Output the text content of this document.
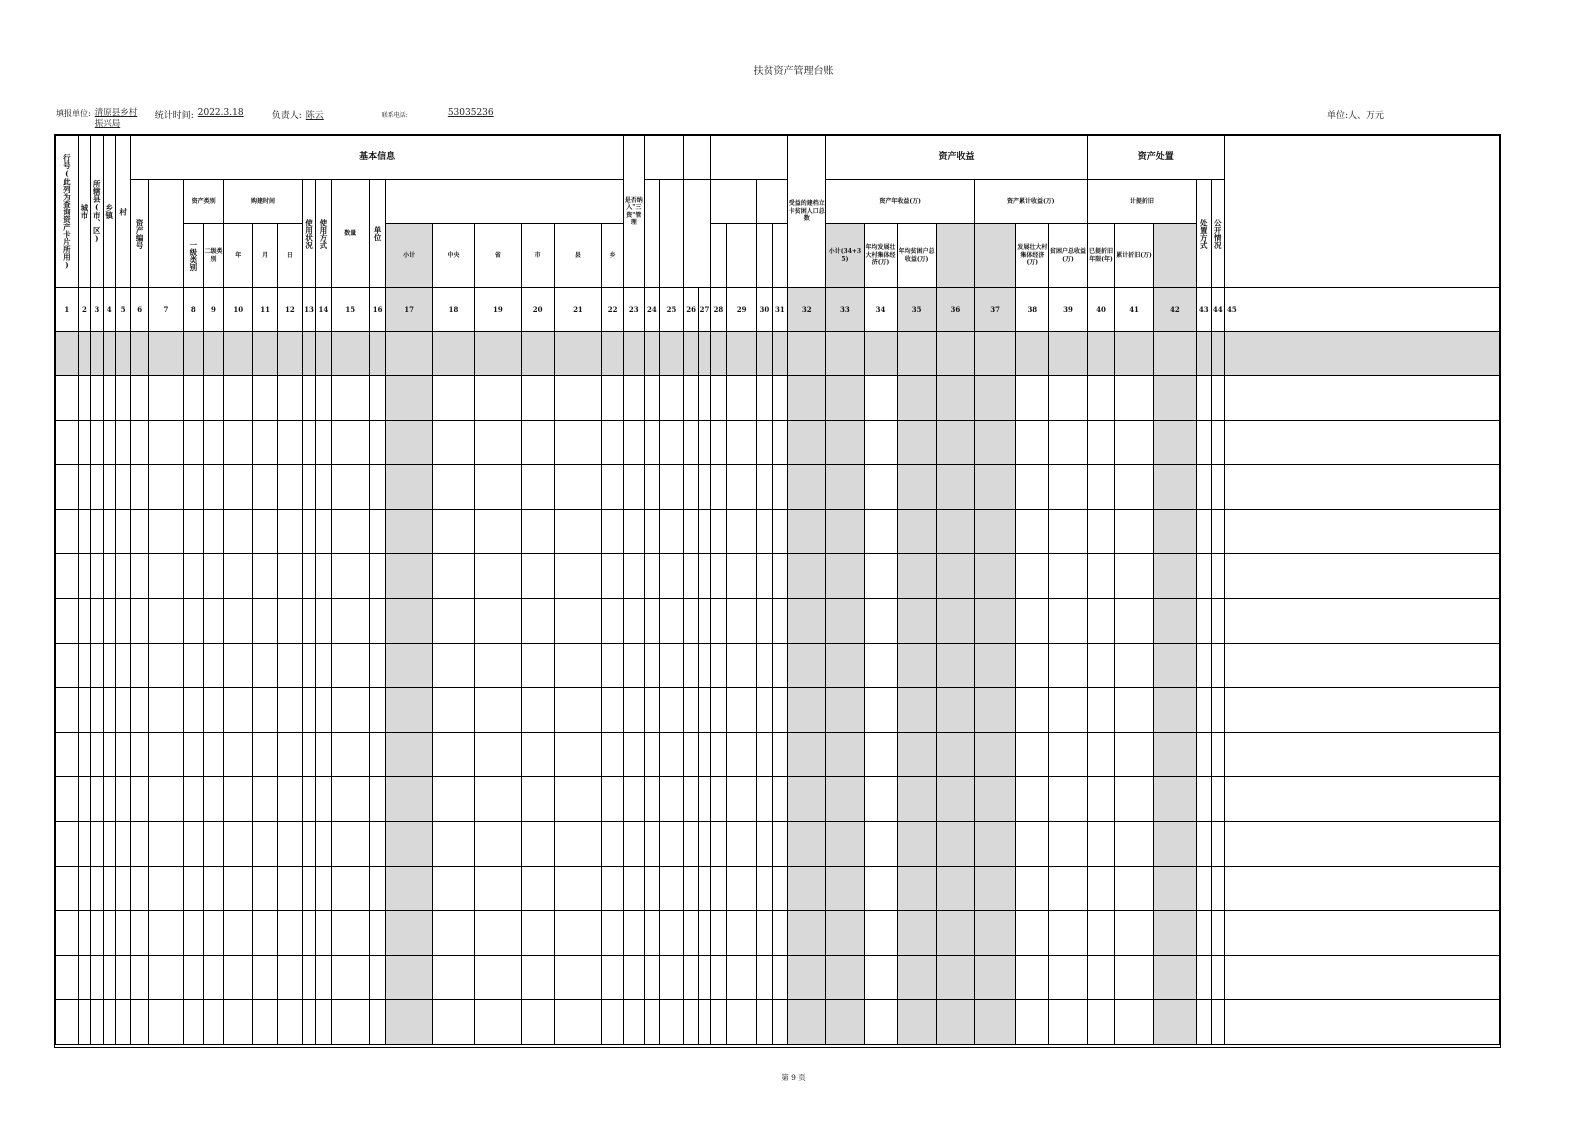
扶贫资产管理台账
填报单位: 清原县乡村振兴局
统计时间: 2022.3.18	负责人: 陈云	联系电话:	53035236	单位:人、万元
行号(此列为查询资产卡片所用)	城市	所辖县(市、区)	乡镇	村	基本信息																	是否纳入"三资"管理									受益的建档立卡贫困人口总数	资产收益							资产处置					

					资产编号		资产类别		购建时间			使用状况	使用方式	数量	单位																	资产年收益(万)				资产累计收益(万)			计提折旧			处置方式	公开情况	

							一级类别	二级类别	年	月	日					小计	中央	省	市	县	乡											小计(34+35)	年均发展壮大村集体经济(万)	年均贫困户总收益(万)			发展壮大村集体经济(万)	贫困户总收益(万)	已提折旧年限(年)	累计折旧(万)				
1	2	3	4	5	6	7	8	9	10	11	12	13	14	15	16	17	18	19	20	21	22	23	24	25	26	27	28	29	30	31	32	33	34	35	36	37	38	39	40	41	42	43	44	45

第 9 页
